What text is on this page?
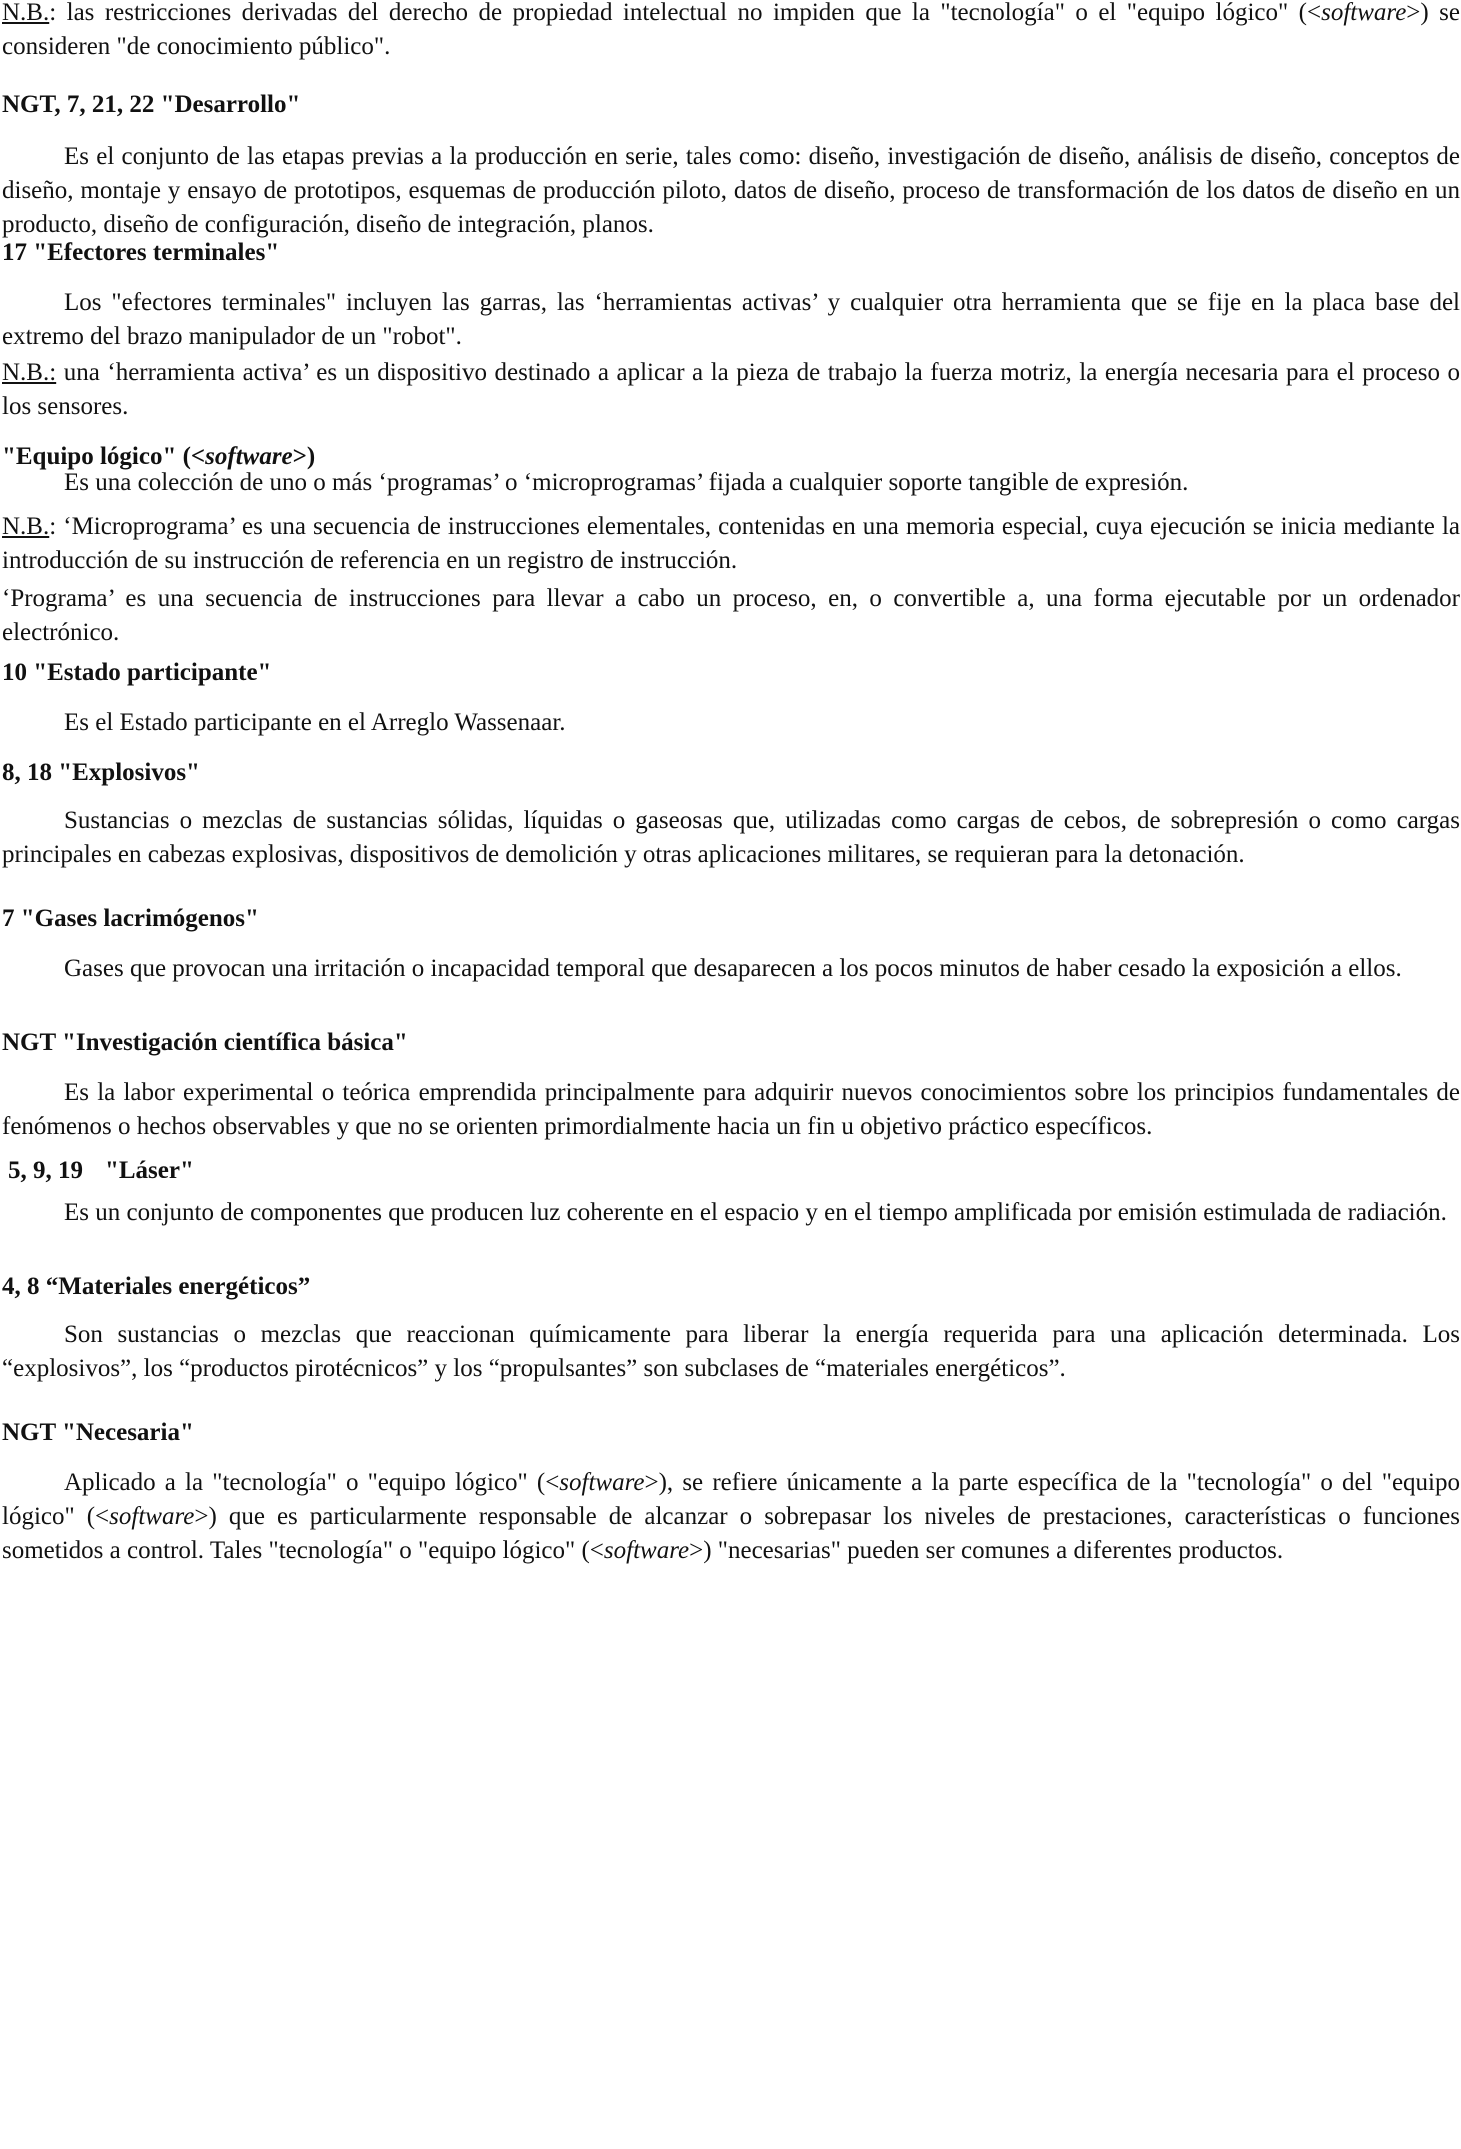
N.B.: las restricciones derivadas del derecho de propiedad intelectual no impiden que la "tecnología" o el "equipo lógico" (<software>) se consideren "de conocimiento público".

NGT, 7, 21, 22 "Desarrollo"

Es el conjunto de las etapas previas a la producción en serie, tales como: diseño, investigación de diseño, análisis de diseño, conceptos de diseño, montaje y ensayo de prototipos, esquemas de producción piloto, datos de diseño, proceso de transformación de los datos de diseño en un producto, diseño de configuración, diseño de integración, planos.

17 "Efectores terminales"

Los "efectores terminales" incluyen las garras, las ‘herramientas activas’ y cualquier otra herramienta que se fije en la placa base del extremo del brazo manipulador de un "robot".

N.B.: una ‘herramienta activa’ es un dispositivo destinado a aplicar a la pieza de trabajo la fuerza motriz, la energía necesaria para el proceso o los sensores.

"Equipo lógico" (<software>)

Es una colección de uno o más ‘programas’ o ‘microprogramas’ fijada a cualquier soporte tangible de expresión.

N.B.: ‘Microprograma’ es una secuencia de instrucciones elementales, contenidas en una memoria especial, cuya ejecución se inicia mediante la introducción de su instrucción de referencia en un registro de instrucción.

‘Programa’ es una secuencia de instrucciones para llevar a cabo un proceso, en, o convertible a, una forma ejecutable por un ordenador electrónico.

10 "Estado participante"

Es el Estado participante en el Arreglo Wassenaar.

8, 18 "Explosivos"

Sustancias o mezclas de sustancias sólidas, líquidas o gaseosas que, utilizadas como cargas de cebos, de sobrepresión o como cargas principales en cabezas explosivas, dispositivos de demolición y otras aplicaciones militares, se requieran para la detonación.

7 "Gases lacrimógenos"

Gases que provocan una irritación o incapacidad temporal que desaparecen a los pocos minutos de haber cesado la exposición a ellos.

NGT "Investigación científica básica"

Es la labor experimental o teórica emprendida principalmente para adquirir nuevos conocimientos sobre los principios fundamentales de fenómenos o hechos observables y que no se orienten primordialmente hacia un fin u objetivo práctico específicos.

5, 9, 19 "Láser"

Es un conjunto de componentes que producen luz coherente en el espacio y en el tiempo amplificada por emisión estimulada de radiación.

4, 8 “Materiales energéticos”

Son sustancias o mezclas que reaccionan químicamente para liberar la energía requerida para una aplicación determinada. Los “explosivos”, los “productos pirotécnicos” y los “propulsantes” son subclases de “materiales energéticos”.

NGT "Necesaria"

Aplicado a la "tecnología" o "equipo lógico" (<software>), se refiere únicamente a la parte específica de la "tecnología" o del "equipo lógico" (<software>) que es particularmente responsable de alcanzar o sobrepasar los niveles de prestaciones, características o funciones sometidos a control. Tales "tecnología" o "equipo lógico" (<software>) "necesarias" pueden ser comunes a diferentes productos.
